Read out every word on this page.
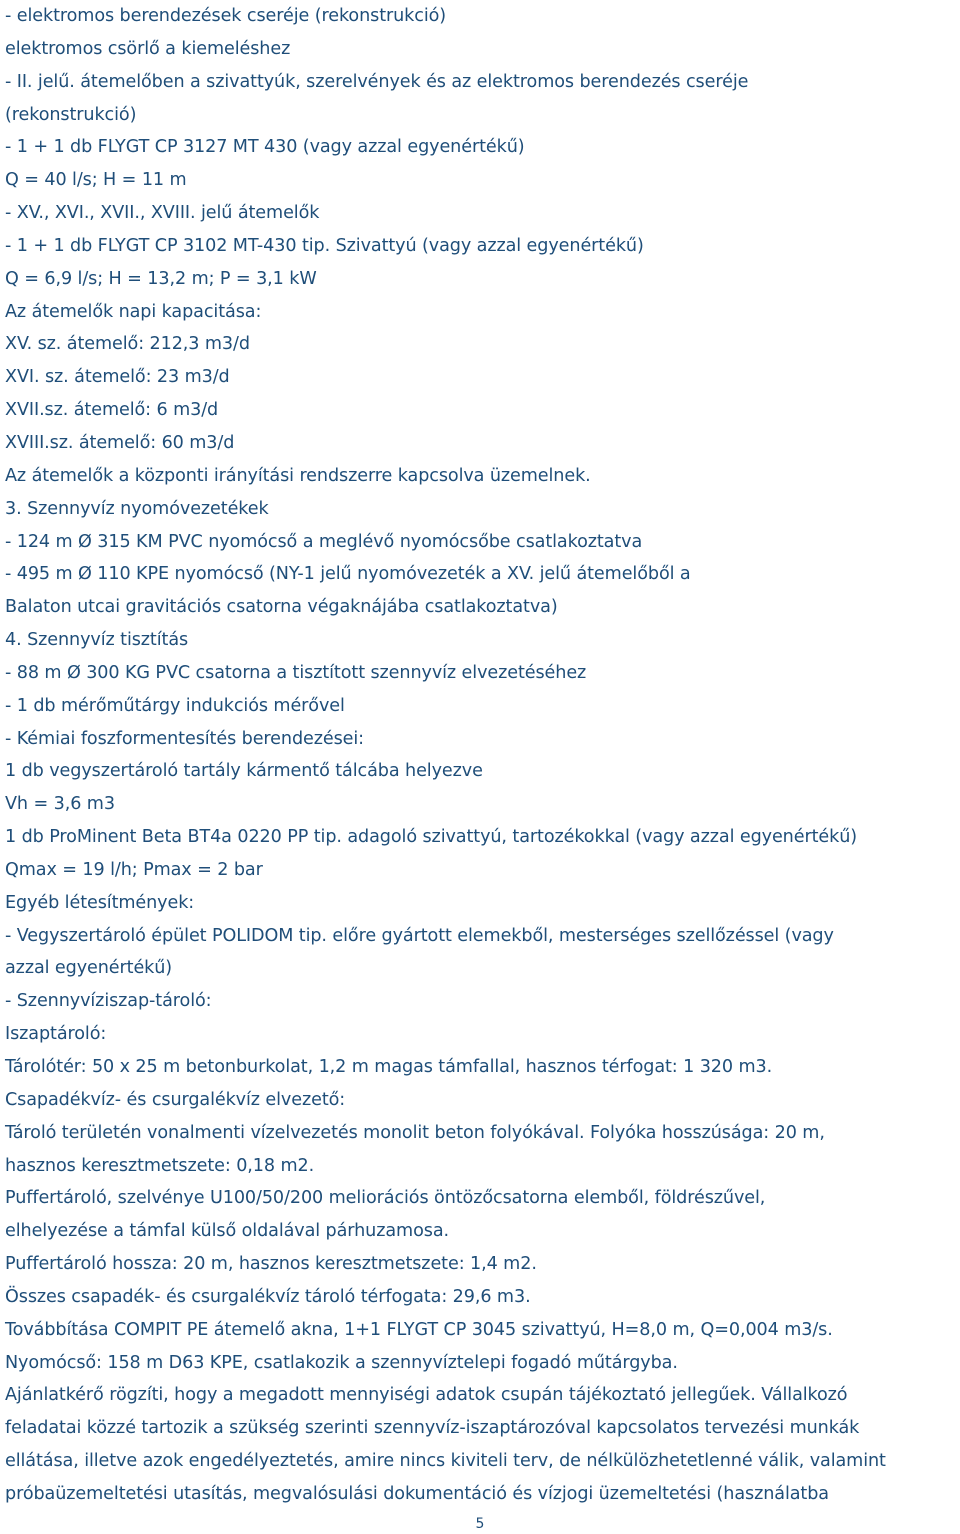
- elektromos berendezések cseréje (rekonstrukció)
elektromos csörlő a kiemeléshez
- II. jelű. átemelőben a szivattyúk, szerelvények és az elektromos berendezés cseréje
(rekonstrukció)
- 1 + 1 db FLYGT CP 3127 MT 430 (vagy azzal egyenértékű)
Q = 40 l/s; H = 11 m
- XV., XVI., XVII., XVIII. jelű átemelők
- 1 + 1 db FLYGT CP 3102 MT-430 tip. Szivattyú (vagy azzal egyenértékű)
Q = 6,9 l/s; H = 13,2 m; P = 3,1 kW
Az átemelők napi kapacitása:
XV. sz. átemelő: 212,3 m3/d
XVI. sz. átemelő: 23 m3/d
XVII.sz. átemelő: 6 m3/d
XVIII.sz. átemelő: 60 m3/d
Az átemelők a központi irányítási rendszerre kapcsolva üzemelnek.
3. Szennyvíz nyomóvezetékek
- 124 m Ø 315 KM PVC nyomócső a meglévő nyomócsőbe csatlakoztatva
- 495 m Ø 110 KPE nyomócső (NY-1 jelű nyomóvezeték a XV. jelű átemelőből a
Balaton utcai gravitációs csatorna végaknájába csatlakoztatva)
4. Szennyvíz tisztítás
- 88 m Ø 300 KG PVC csatorna a tisztított szennyvíz elvezetéséhez
- 1 db mérőműtárgy indukciós mérővel
- Kémiai foszformentesítés berendezései:
1 db vegyszertároló tartály kármentő tálcába helyezve
Vh = 3,6 m3
1 db ProMinent Beta BT4a 0220 PP tip. adagoló szivattyú, tartozékokkal (vagy azzal egyenértékű)
Qmax = 19 l/h; Pmax = 2 bar
Egyéb létesítmények:
- Vegyszertároló épület POLIDOM tip. előre gyártott elemekből, mesterséges szellőzéssel (vagy
azzal egyenértékű)
- Szennyvíziszap-tároló:
Iszaptároló:
Tárolótér: 50 x 25 m betonburkolat, 1,2 m magas támfallal, hasznos térfogat: 1 320 m3.
Csapadékvíz- és csurgalékvíz elvezető:
Tároló területén vonalmenti vízelvezetés monolit beton folyókával. Folyóka hosszúsága: 20 m,
hasznos keresztmetszete: 0,18 m2.
Puffertároló, szelvénye U100/50/200 meliorációs öntözőcsatorna elemből, földrészűvel,
elhelyezése a támfal külső oldalával párhuzamosa.
Puffertároló hossza: 20 m, hasznos keresztmetszete: 1,4 m2.
Összes csapadék- és csurgalékvíz tároló térfogata: 29,6 m3.
Továbbítása COMPIT PE átemelő akna, 1+1 FLYGT CP 3045 szivattyú, H=8,0 m, Q=0,004 m3/s.
Nyomócső: 158 m D63 KPE, csatlakozik a szennyvíztelepi fogadó műtárgyba.
Ajánlatkérő rögzíti, hogy a megadott mennyiségi adatok csupán tájékoztató jellegűek. Vállalkozó
feladatai közzé tartozik a szükség szerinti szennyvíz-iszaptározóval kapcsolatos tervezési munkák
ellátása, illetve azok engedélyeztetés, amire nincs kiviteli terv, de nélkülözhetetlenné válik, valamint
próbaüzemeltetési utasítás, megvalósulási dokumentáció és vízjogi üzemeltetési (használatba
5
